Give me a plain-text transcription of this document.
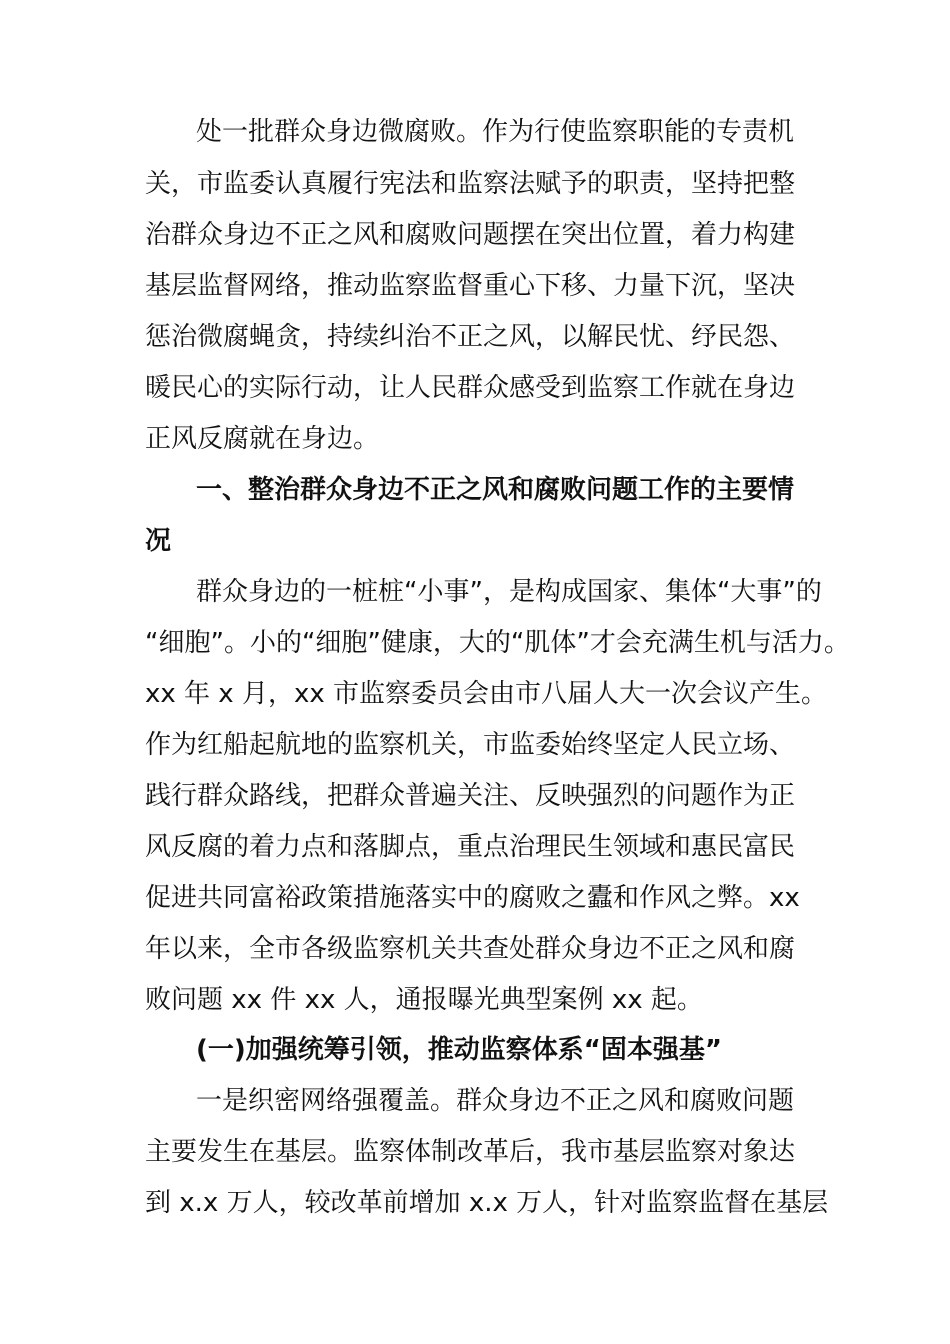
处一批群众身边微腐败。作为行使监察职能的专责机
关，市监委认真履行宪法和监察法赋予的职责，坚持把整
治群众身边不正之风和腐败问题摆在突出位置，着力构建
基层监督网络，推动监察监督重心下移、力量下沉，坚决
惩治微腐蝇贪，持续纠治不正之风，以解民忧、纾民怨、
暖民心的实际行动，让人民群众感受到监察工作就在身边
正风反腐就在身边。
一、整治群众身边不正之风和腐败问题工作的主要情
况
群众身边的一桩桩“小事”，是构成国家、集体“大事”的
“细胞”。小的“细胞”健康，大的“肌体”才会充满生机与活力。
xx 年 x 月，xx 市监察委员会由市八届人大一次会议产生。
作为红船起航地的监察机关，市监委始终坚定人民立场、
践行群众路线，把群众普遍关注、反映强烈的问题作为正
风反腐的着力点和落脚点，重点治理民生领域和惠民富民
促进共同富裕政策措施落实中的腐败之蠹和作风之弊。xx
年以来，全市各级监察机关共查处群众身边不正之风和腐
败问题 xx 件 xx 人，通报曝光典型案例 xx 起。
(一)加强统筹引领，推动监察体系“固本强基”
一是织密网络强覆盖。群众身边不正之风和腐败问题
主要发生在基层。监察体制改革后，我市基层监察对象达
到 x.x 万人，较改革前增加 x.x 万人，针对监察监督在基层
